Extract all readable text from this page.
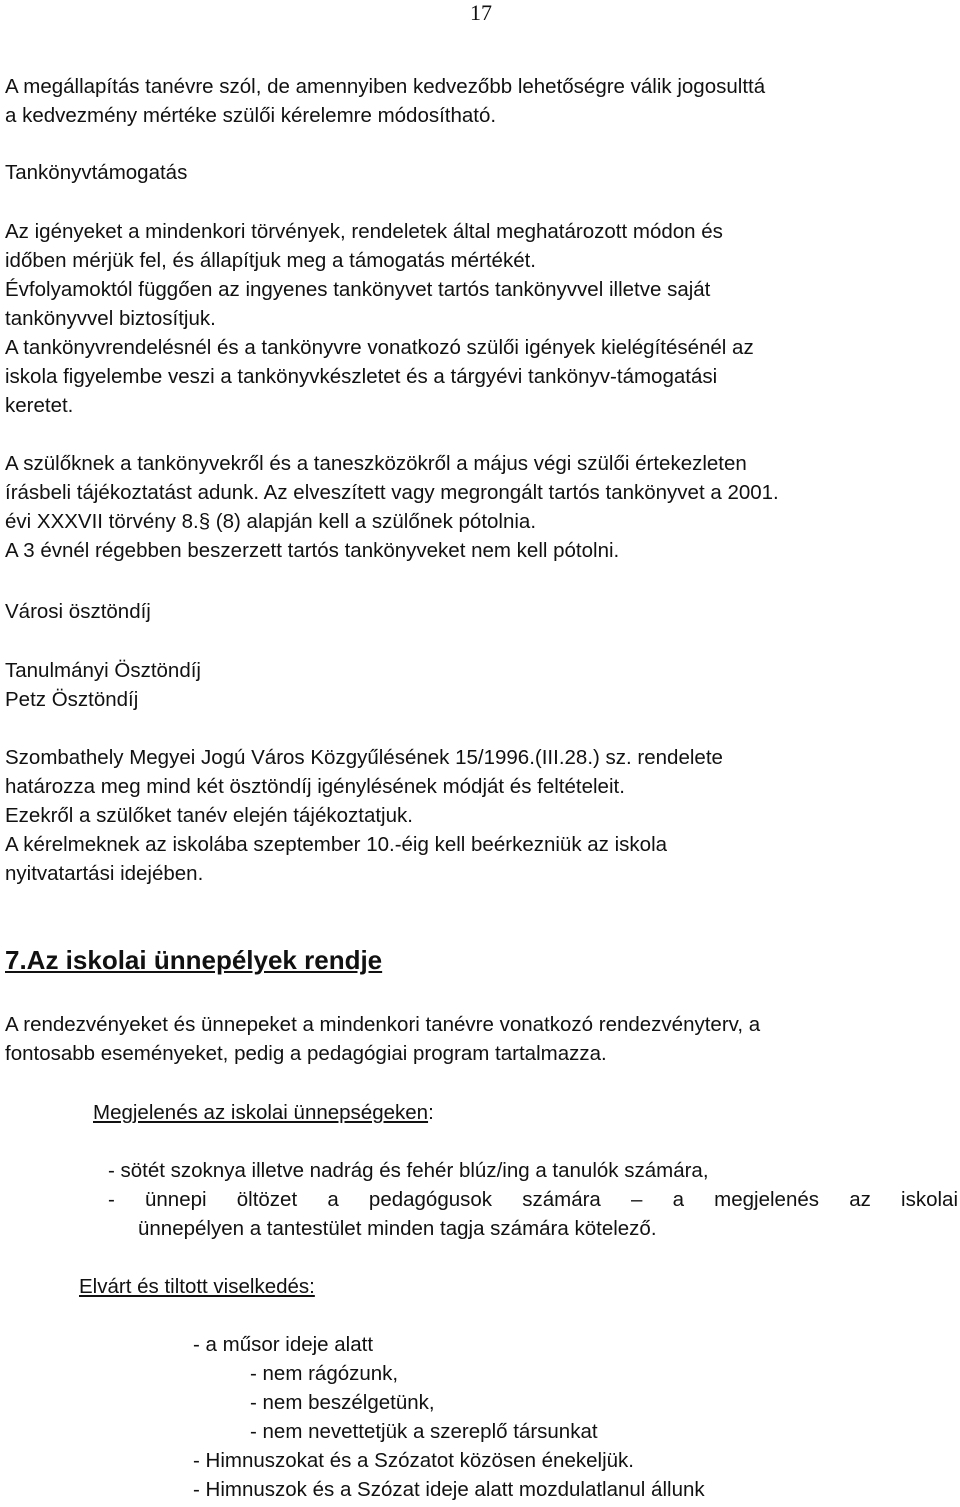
17
A megállapítás tanévre szól, de amennyiben kedvezőbb lehetőségre válik jogosulttá
a kedvezmény mértéke szülői kérelemre módosítható.
Tankönyvtámogatás
Az igényeket a mindenkori törvények, rendeletek által meghatározott módon és
időben mérjük fel, és állapítjuk meg a támogatás mértékét.
Évfolyamoktól függően az ingyenes tankönyvet tartós tankönyvvel illetve saját
tankönyvvel biztosítjuk.
A tankönyvrendelésnél és a tankönyvre vonatkozó szülői igények kielégítésénél az
iskola figyelembe veszi a tankönyvkészletet és a tárgyévi tankönyv-támogatási
keretet.
A szülőknek a tankönyvekről és a taneszközökről a május végi szülői értekezleten
írásbeli tájékoztatást adunk. Az elveszített vagy megrongált tartós tankönyvet a 2001.
évi XXXVII törvény 8.§ (8) alapján kell a szülőnek pótolnia.
A 3 évnél régebben beszerzett tartós tankönyveket nem kell pótolni.
Városi ösztöndíj
Tanulmányi Ösztöndíj
Petz Ösztöndíj
Szombathely Megyei Jogú Város Közgyűlésének 15/1996.(III.28.) sz. rendelete
határozza meg mind két ösztöndíj igénylésének módját és feltételeit.
Ezekről a szülőket tanév elején tájékoztatjuk.
A kérelmeknek az iskolába szeptember 10.-éig kell beérkezniük az iskola
nyitvatartási idejében.
7.Az iskolai ünnepélyek rendje
A rendezvényeket és ünnepeket a mindenkori tanévre vonatkozó rendezvényterv, a
fontosabb eseményeket, pedig a pedagógiai program tartalmazza.
Megjelenés az iskolai ünnepségeken:
- sötét szoknya illetve nadrág és fehér blúz/ing a tanulók számára,
- ünnepi öltözet a pedagógusok számára – a megjelenés az iskolai
ünnepélyen a tantestület minden tagja számára kötelező.
Elvárt és tiltott viselkedés:
- a műsor ideje alatt
- nem rágózunk,
- nem beszélgetünk,
- nem nevettetjük a szereplő társunkat
- Himnuszokat és a Szózatot közösen énekeljük.
- Himnuszok és a Szózat ideje alatt mozdulatlanul állunk
